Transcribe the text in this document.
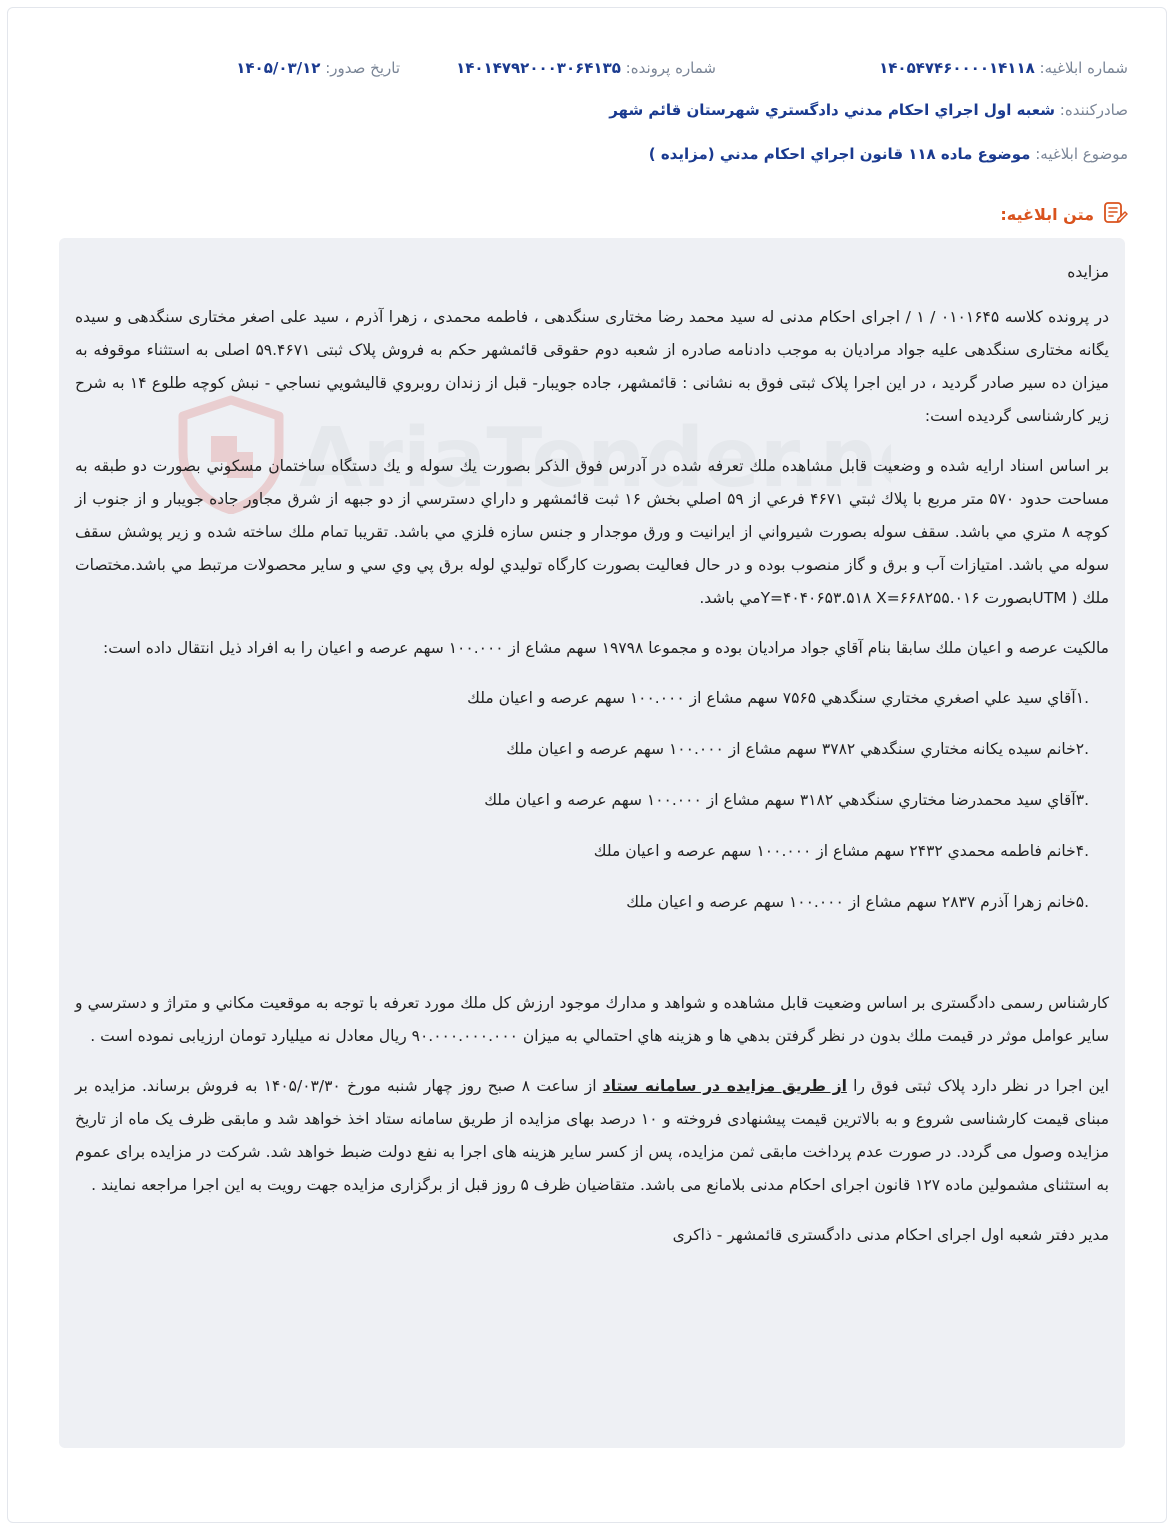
شماره ابلاغیه: ۱۴۰۵۴۷۴۶۰۰۰۰۱۴۱۱۸
شماره پرونده: ۱۴۰۱۴۷۹۲۰۰۰۳۰۶۴۱۳۵
تاریخ صدور: ۱۴۰۵/۰۳/۱۲
صادرکننده: شعبه اول اجراي احکام مدني دادگستري شهرستان قائم شهر
موضوع ابلاغیه: موضوع ماده ۱۱۸ قانون اجراي احکام مدني (مزايده )
متن ابلاغیه:
AriaTender.n

مزایده

در پرونده کلاسه ۰۱۰۱۶۴۵ / ۱ / اجرای احکام مدنی له سید محمد رضا مختاری سنگدهی ، فاطمه محمدی ، زهرا آذرم ، سید علی اصغر مختاری سنگدهی و سیده یگانه مختاری سنگدهی علیه جواد مرادیان به موجب دادنامه صادره از شعبه دوم حقوقی قائمشهر حکم به فروش پلاک ثبتی ۵۹.۴۶۷۱ اصلی به استثناء موقوفه به میزان ده سیر صادر گردید ، در این اجرا پلاک ثبتی فوق به نشانی : قائمشهر، جاده جويبار- قبل از زندان روبروي قاليشويي نساجي - نبش کوچه طلوع ۱۴ به شرح زیر کارشناسی گردیده است:

بر اساس اسناد ارايه شده و وضعيت قابل مشاهده ملك تعرفه شده در آدرس فوق الذكر بصورت يك سوله و يك دستگاه ساختمان مسكوني بصورت دو طبقه به مساحت حدود ۵۷۰ متر مربع با پلاك ثبتي ۴۶۷۱ فرعي از ۵۹ اصلي بخش ۱۶ ثبت قائمشهر و داراي دسترسي از دو جبهه از شرق مجاور جاده جويبار و از جنوب از كوچه ۸ متري مي باشد. سقف سوله بصورت شيرواني از ايرانيت و ورق موجدار و جنس سازه فلزي مي باشد. تقريبا تمام ملك ساخته شده و زير پوشش سقف سوله مي باشد. امتيازات آب و برق و گاز منصوب بوده و در حال فعاليت بصورت كارگاه توليدي لوله برق پي وي سي و ساير محصولات مرتبط مي باشد.مختصات ملك ( UTMبصورت Y=۴۰۴۰۶۵۳.۵۱۸ X=۶۶۸۲۵۵.۰۱۶مي باشد.

مالكيت عرصه و اعيان ملك سابقا بنام آقاي جواد مراديان بوده و مجموعا ۱۹۷۹۸ سهم مشاع از ۱۰۰.۰۰۰ سهم عرصه و اعيان را به افراد ذيل انتقال داده است:

.۱آقاي سيد علي اصغري مختاري سنگدهي ۷۵۶۵ سهم مشاع از ۱۰۰.۰۰۰ سهم عرصه و اعيان ملك
.۲خانم سيده يكانه مختاري سنگدهي ۳۷۸۲ سهم مشاع از ۱۰۰.۰۰۰ سهم عرصه و اعيان ملك
.۳آقاي سيد محمدرضا مختاري سنگدهي ۳۱۸۲ سهم مشاع از ۱۰۰.۰۰۰ سهم عرصه و اعيان ملك
.۴خانم فاطمه محمدي ۲۴۳۲ سهم مشاع از ۱۰۰.۰۰۰ سهم عرصه و اعيان ملك
.۵خانم زهرا آذرم ۲۸۳۷ سهم مشاع از ۱۰۰.۰۰۰ سهم عرصه و اعيان ملك

کارشناس رسمی دادگستری بر اساس وضعيت قابل مشاهده و شواهد و مدارك موجود ارزش كل ملك مورد تعرفه با توجه به موقعيت مكاني و متراژ و دسترسي و ساير عوامل موثر در قيمت ملك بدون در نظر گرفتن بدهي ها و هزينه هاي احتمالي به ميزان ۹۰.۰۰۰.۰۰۰.۰۰۰ ريال معادل نه ميليارد تومان ارزيابی نموده است .

این اجرا در نظر دارد پلاک ثبتی فوق را از طریق مزایده در سامانه ستاد از ساعت ۸ صبح روز چهار شنبه مورخ ۱۴۰۵/۰۳/۳۰ به فروش برساند. مزایده بر مبنای قیمت کارشناسی شروع و به بالاترین قیمت پیشنهادی فروخته و ۱۰ درصد بهای مزایده از طریق سامانه ستاد اخذ خواهد شد و مابقی ظرف یک ماه از تاریخ مزایده وصول می گردد. در صورت عدم پرداخت مابقی ثمن مزایده، پس از کسر سایر هزینه های اجرا به نفع دولت ضبط خواهد شد. شرکت در مزایده برای عموم به استثنای مشمولین ماده ۱۲۷ قانون اجرای احکام مدنی بلامانع می باشد. متقاضیان ظرف ۵ روز قبل از برگزاری مزایده جهت رویت به این اجرا مراجعه نمایند .

مدیر دفتر شعبه اول اجرای احکام مدنی دادگستری قائمشهر - ذاکری
